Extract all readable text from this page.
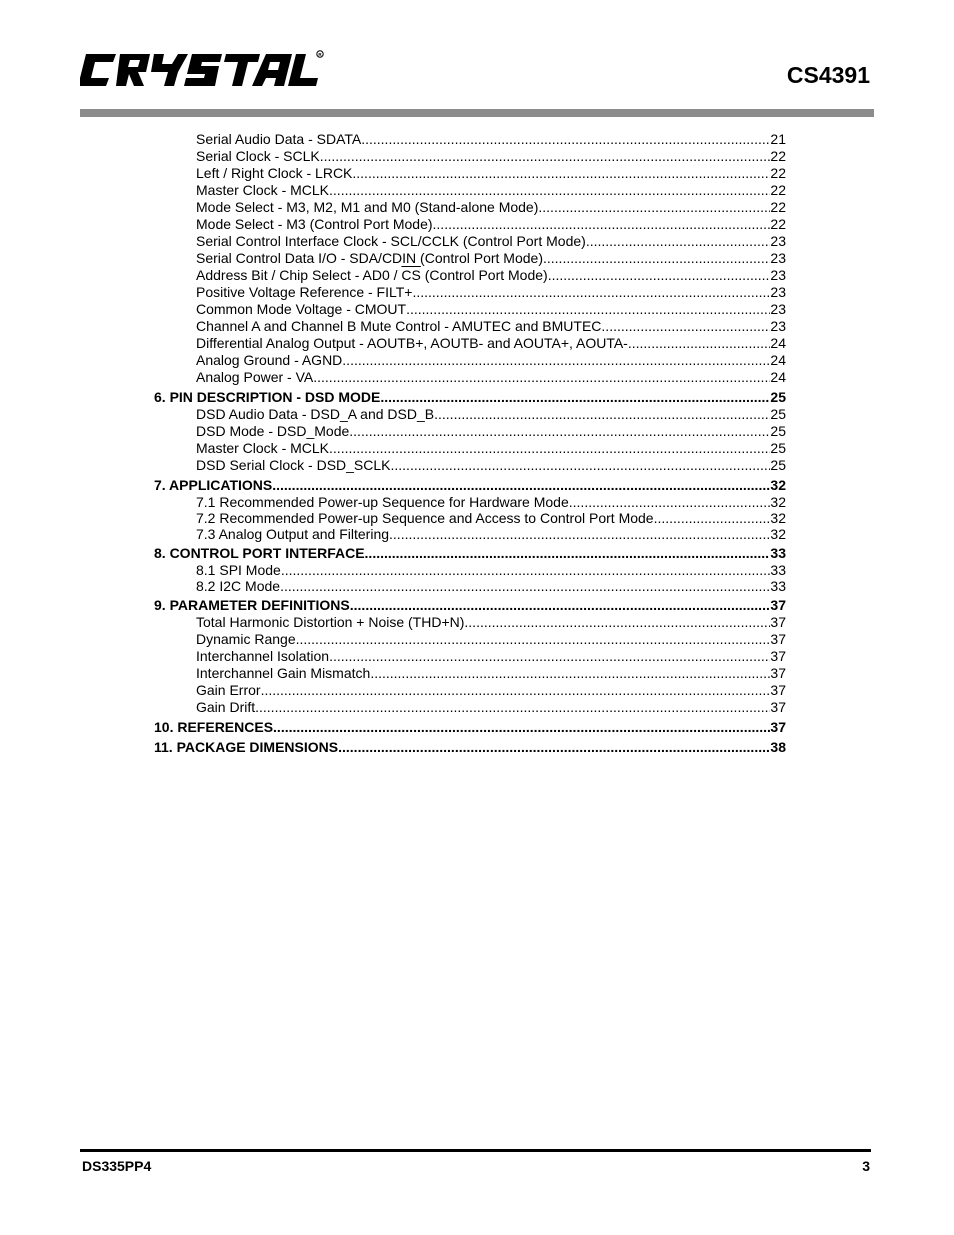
R
CS4391
Serial Audio Data - SDATA .....	21
Serial Clock - SCLK .....	22
Left / Right Clock - LRCK .....	22
Master Clock - MCLK .....	22
Mode Select - M3, M2, M1 and M0 (Stand-alone Mode) .....	22
Mode Select - M3 (Control Port Mode) .....	22
Serial Control Interface Clock - SCL/CCLK (Control Port Mode) .....	23
Serial Control Data I/O - SDA/CDIN (Control Port Mode) .....	23
Address Bit / Chip Select - $AD0 / \overline{CS}$ (Control Port Mode) .....	23
Positive Voltage Reference - FILT+ .....	23
Common Mode Voltage - CMOUT .....	23
Channel A and Channel B Mute Control - AMUTEC and BMUTEC .....	23
Differential Analog Output - AOUTB+, AOUTB- and AOUTA+, AOUTA- .....	24
Analog Ground - AGND .....	24
Analog Power - VA .....	24
6. PIN DESCRIPTION - DSD MODE .....	25
DSD Audio Data - DSD_A and DSD_B .....	25
DSD Mode - DSD_Mode .....	25
Master Clock - MCLK .....	25
DSD Serial Clock - DSD_SCLK .....	25
7. APPLICATIONS .....	32
7.1 Recommended Power-up Sequence for Hardware Mode .....	32
7.2 Recommended Power-up Sequence and Access to Control Port Mode .....	32
7.3 Analog Output and Filtering .....	32
8. CONTROL PORT INTERFACE .....	33
8.1 SPI Mode .....	33
8.2 I2C Mode .....	33
9. PARAMETER DEFINITIONS .....	37
Total Harmonic Distortion + Noise (THD+N) .....	37
Dynamic Range .....	37
Interchannel Isolation .....	37
Interchannel Gain Mismatch .....	37
Gain Error .....	37
Gain Drift .....	37
10. REFERENCES .....	37
11. PACKAGE DIMENSIONS .....	38
DS335PP4	3
